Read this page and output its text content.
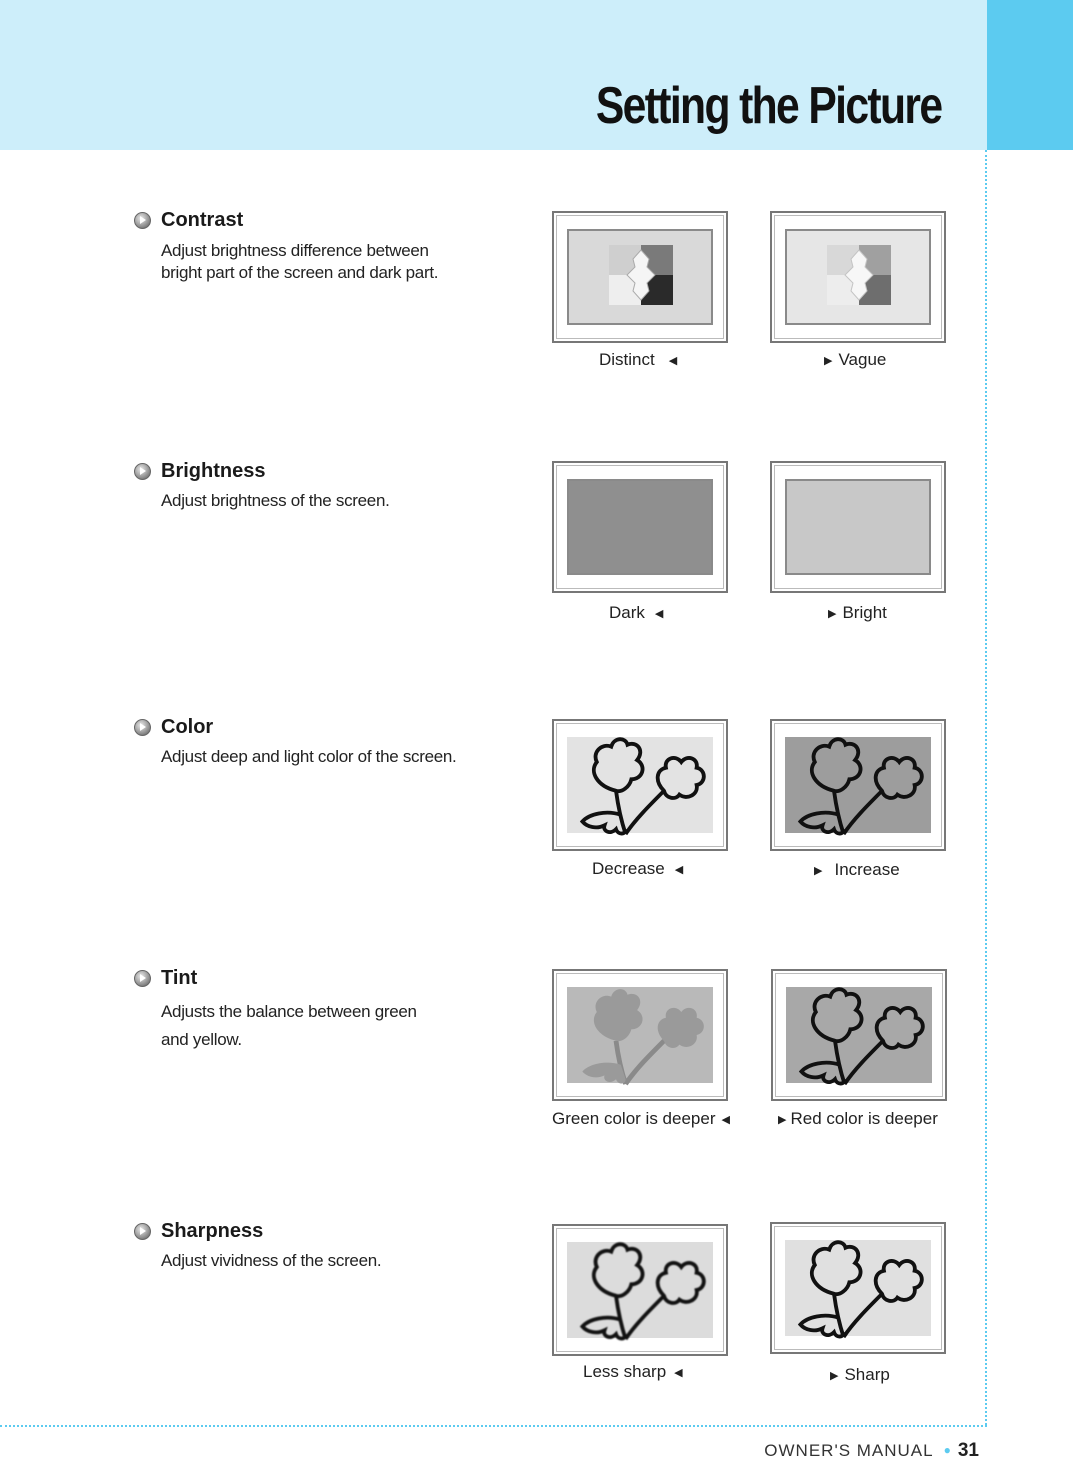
Setting the Picture
Contrast
Adjust brightness difference between
bright part of the screen and dark part.
Distinct ◀	▶ Vague
Brightness
Adjust brightness of the screen.
Dark ◀	▶ Bright
Color
Adjust deep and light color of the screen.
Decrease ◀	▶ Increase
Tint
Adjusts the balance between green
and yellow.
Green color is deeper ◀	▶ Red color is deeper
Sharpness
Adjust vividness of the screen.
Less sharp ◀	▶ Sharp
OWNER'S MANUAL ● 31
